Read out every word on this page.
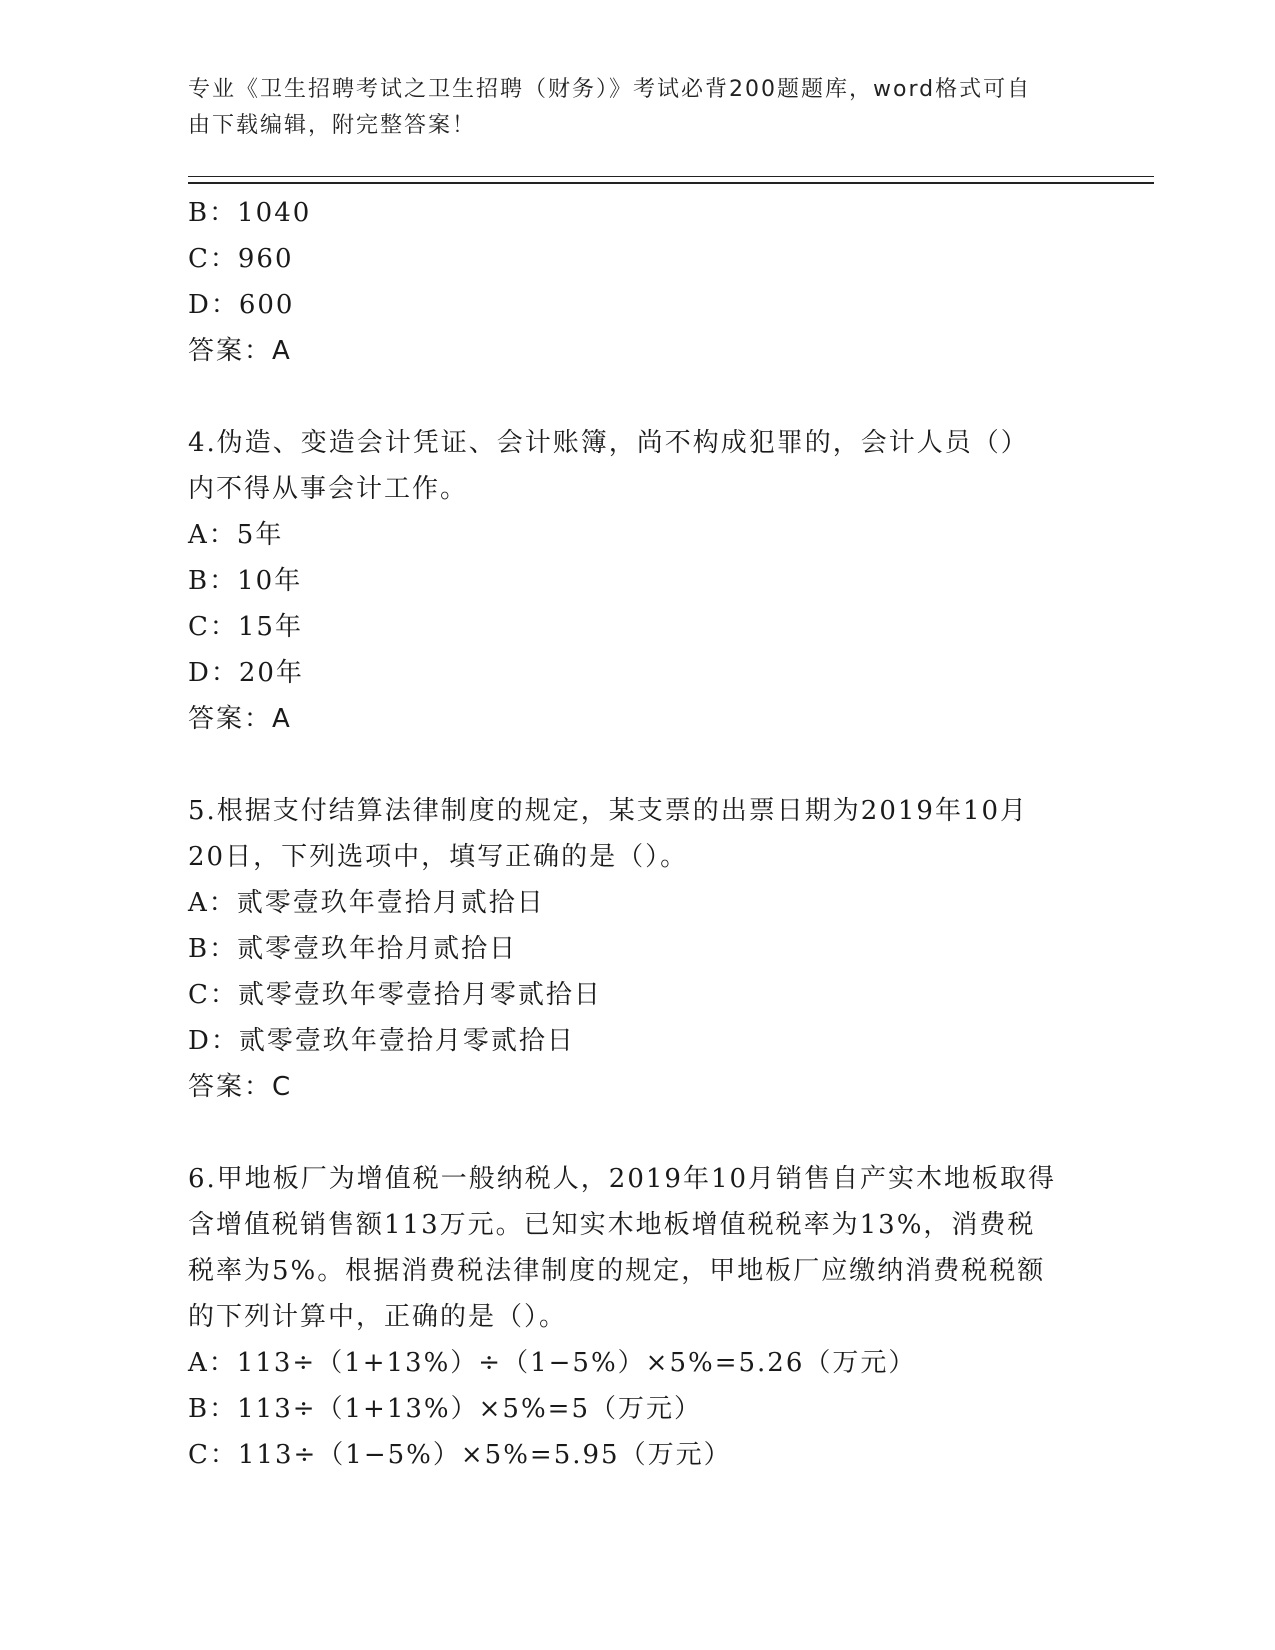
专业《卫生招聘考试之卫生招聘（财务）》考试必背200题题库，word格式可自
由下载编辑，附完整答案！
B：1040
C：960
D：600
答案：A
4.伪造、变造会计凭证、会计账簿，尚不构成犯罪的，会计人员（）
内不得从事会计工作。
A：5年
B：10年
C：15年
D：20年
答案：A
5.根据支付结算法律制度的规定，某支票的出票日期为2019年10月
20日，下列选项中，填写正确的是（）。
A：贰零壹玖年壹拾月贰拾日
B：贰零壹玖年拾月贰拾日
C：贰零壹玖年零壹拾月零贰拾日
D：贰零壹玖年壹拾月零贰拾日
答案：C
6.甲地板厂为增值税一般纳税人，2019年10月销售自产实木地板取得
含增值税销售额113万元。已知实木地板增值税税率为13%，消费税
税率为5%。根据消费税法律制度的规定，甲地板厂应缴纳消费税税额
的下列计算中，正确的是（）。
A：113÷（1+13%）÷（1−5%）×5%=5.26（万元）
B：113÷（1+13%）×5%=5（万元）
C：113÷（1−5%）×5%=5.95（万元）
